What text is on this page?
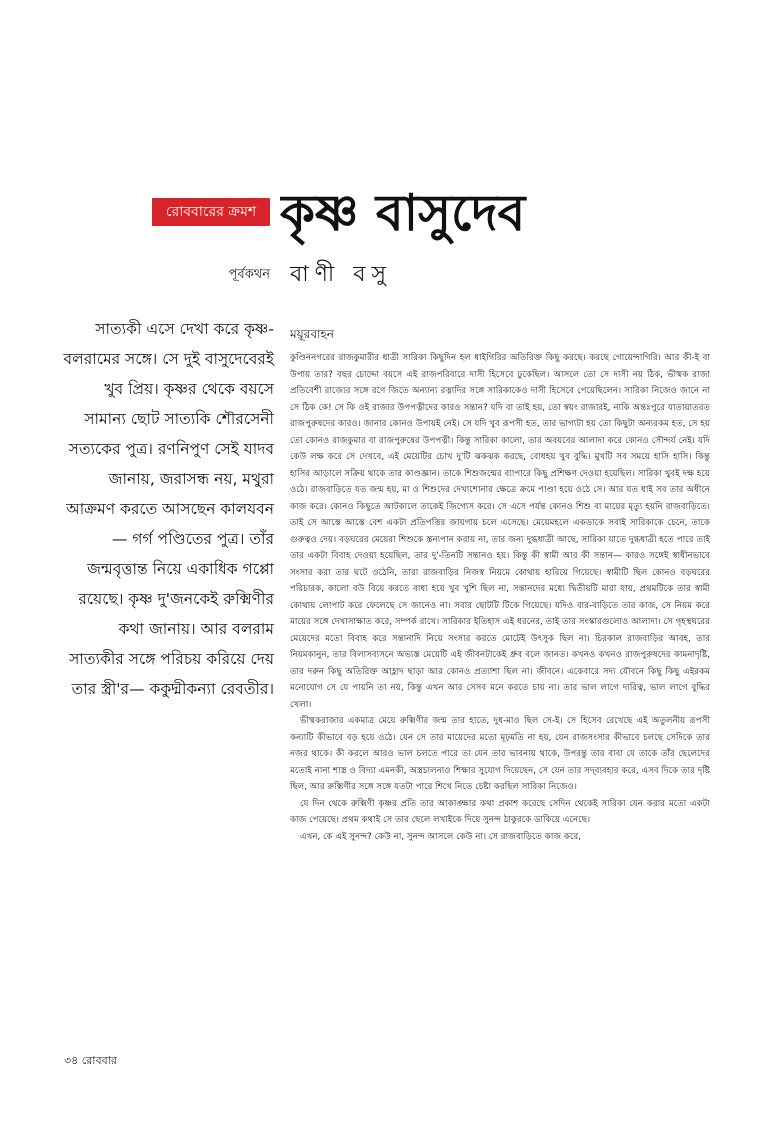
রোববারের ক্রমশ কৃষ্ণ বাসুদেব
পূর্বকথন বাণী বসু

সাত্যকী এসে দেখা করে কৃষ্ণ-বলরামের সঙ্গে। সে দুই বাসুদেবেরই খুব প্রিয়। কৃষ্ণর থেকে বয়সে সামান্য ছোট সাত্যকি শৌরসেনী সত্যকের পুত্র। রণনিপুণ সেই যাদব জানায়, জরাসন্ধ নয়, মথুরা আক্রমণ করতে আসছেন কালযবন— গর্গ পণ্ডিতের পুত্র। তাঁর জন্মবৃত্তান্ত নিয়ে একাধিক গপ্পো রয়েছে। কৃষ্ণ দু'জনকেই রুক্মিণীর কথা জানায়। আর বলরাম সাত্যকীর সঙ্গে পরিচয় করিয়ে দেয় তার স্ত্রী'র— ককুদ্মীকন্যা রেবতীর।

ময়ূরবাহন

কুণ্ডিননগরের রাজকুমারীর ধাত্রী সারিকা কিছুদিন হল ধাইগিরির অতিরিক্ত কিছু করছে। করছে গোয়েন্দাগিরি। আর কী-ই বা উপায় তার? বছর চোদ্দো বয়সে এই রাজপরিবারে দাসী হিসেবে ঢুকেছিল। আসলে তো সে দাসী নয় ঠিক, ভীষ্মক রাজা প্রতিবেশী রাজ্যের সঙ্গে রণে জিতে অন্যান্য রত্নাদির সঙ্গে সারিকাকেও দাসী হিসেবে পেয়েছিলেন। সারিকা নিজেও জানে না সে ঠিক কে! সে কি ওই রাজার উপপত্নীদের কারও সন্তান? যদি বা তাই হয়, তো স্বয়ং রাজারই, নাকি অন্তঃপুরে যাতায়াতরত রাজপুরুষদের কারও। জানার কোনও উপায়ই নেই। সে যদি খুব রূপসী হত, তার ভাগ্যটা হয় তো কিছুটা অন্যরকম হত, সে হয় তো কোনও রাজকুমার বা রাজপুরুষের উপপত্নী। কিন্তু সারিকা কালো, তার অবয়বের আলাদা করে কোনও সৌন্দর্য নেই। যদি কেউ লক্ষ করে সে দেখবে, এই মেয়েটির চোখ দু'টি ঝকঝক করছে, বোধহয় খুব বুদ্ধি। মুখটি সব সময়ে হাসি হাসি। কিন্তু হাসির আড়ালে সক্রিয় থাকে তার কাণ্ডজ্ঞান। তাকে শিশুজন্মের ব্যাপারে কিছু প্রশিক্ষণ দেওয়া হয়েছিল। সারিকা খুবই দক্ষ হয়ে ওঠে। রাজবাড়িতে যত জন্ম হয়, মা ও শিশুদের দেখাশোনার ক্ষেত্রে ক্রমে পাণ্ডা হয়ে ওঠে সে। আর যত ধাই সব তার অধীনে কাজ করে। কোনও কিছুতে আটকালে তাকেই জিগ্যেস করে। সে এসে পর্যন্ত কোনও শিশু বা মায়ের মৃত্যু হয়নি রাজবাড়িতে। তাই সে আস্তে আস্তে বেশ একটা প্রতিপত্তির জায়গায় চলে এসেছে। মেয়েমহলে একডাকে সবাই সারিকাকে চেনে, তাকে গুরুত্বও দেয়। বড়ঘরের মেয়েরা শিশুকে স্তন্যপান করায় না, তার জন্য দুগ্ধধাত্রী আছে, সারিকা যাতে দুগ্ধধাত্রী হতে পারে তাই তার একটা বিবাহ দেওয়া হয়েছিল, তার দু'-তিনটি সন্তানও হয়। কিন্তু কী স্বামী আর কী সন্তান— কারও সঙ্গেই স্বাধীনভাবে সংসার করা তার ঘটে ওঠেনি, তারা রাজবাড়ির নিজস্ব নিয়মে কোথায় হারিয়ে গিয়েছে। স্বামীটি ছিল কোনও বড়ঘরের পরিচারক, কালো বউ বিয়ে করতে বাধ্য হয়ে খুব খুশি ছিল না, সন্তানদের মধ্যে দ্বিতীয়টি মারা যায়, প্রথমটিকে তার স্বামী কোথায় লোপাট করে ফেলেছে সে জানেও না। সবার ছোটটি টিকে গিয়েছে। যদিও বার-বাড়িতে তার কাজ, সে নিয়ম করে মায়ের সঙ্গে দেখাসাক্ষাত করে, সম্পর্ক রাখে। সারিকার ইতিহাস এই ধরনের, তাই তার সংস্কারগুলোও আলাদা। সে গৃহস্থঘরের মেয়েদের মতো বিবাহ করে সন্তানাদি নিয়ে সংসার করতে মোটেই উৎসুক ছিল না। চিরকাল রাজবাড়ির আবহ, তার নিয়মকানুন, তার বিলাসব্যসনে অভ্যস্ত মেয়েটি এই জীবনটাকেই ধ্রুব বলে জানত। কখনও কখনও রাজপুরুষদের কামনাদৃষ্টি, তার দরুন কিছু অতিরিক্ত আহ্লাদ ছাড়া আর কোনও প্রত্যাশা ছিল না। জীবনে। একেবারে সদ্য যৌবনে কিছু কিছু এইরকম মনোযোগ সে যে পায়নি তা নয়, কিন্তু এখন আর সেসব মনে করতে চায় না। তার ভাল লাগে দারিত্ব, ভাল লাগে বুদ্ধির খেলা।

ভীষ্মকরাজার একমাত্র মেয়ে রুক্মিণীর জন্ম তার হাতে, দুধ-মাও ছিল সে-ই। সে হিসেব রেখেছে এই অতুলনীয় রূপসী কন্যাটি কীভাবে বড় হয়ে ওঠে। যেন সে তার মায়েদের মতো মূঢ়মতি না হয়, যেন রাজসংসার কীভাবে চলছে সেদিকে তার নজর থাকে। কী করলে আরও ভাল চলতে পারে তা যেন তার ভাবনায় থাকে, উপরন্তু তার বাবা যে তাকে তাঁর ছেলেদের মতোই নানা শাস্ত্র ও বিদ্যা এমনকী, অস্ত্রচালনাও শিক্ষার সুযোগ দিয়েছেন, সে যেন তার সদ্‌ব্যবহার করে, এসব দিকে তার দৃষ্টি ছিল, আর রুক্মিণীর সঙ্গে সঙ্গে যতটা পারে শিখে নিতে চেষ্টা করছিল সারিকা নিজেও।

যে দিন থেকে রুক্মিণী কৃষ্ণর প্রতি তার আকাঙ্ক্ষার কথা প্রকাশ করেছে সেদিন থেকেই সারিকা যেন করার মতো একটা কাজ পেয়েছে। প্রথম কথাই সে তার ছেলে লখাইকে দিয়ে সুনন্দ ঠাকুরকে ডাকিয়ে এনেছে।

এখন, কে এই সুনন্দ? কেউ না, সুনন্দ আসলে কেউ না। সে রাজবাড়িতে কাজ করে,

৩৪ রোববার
